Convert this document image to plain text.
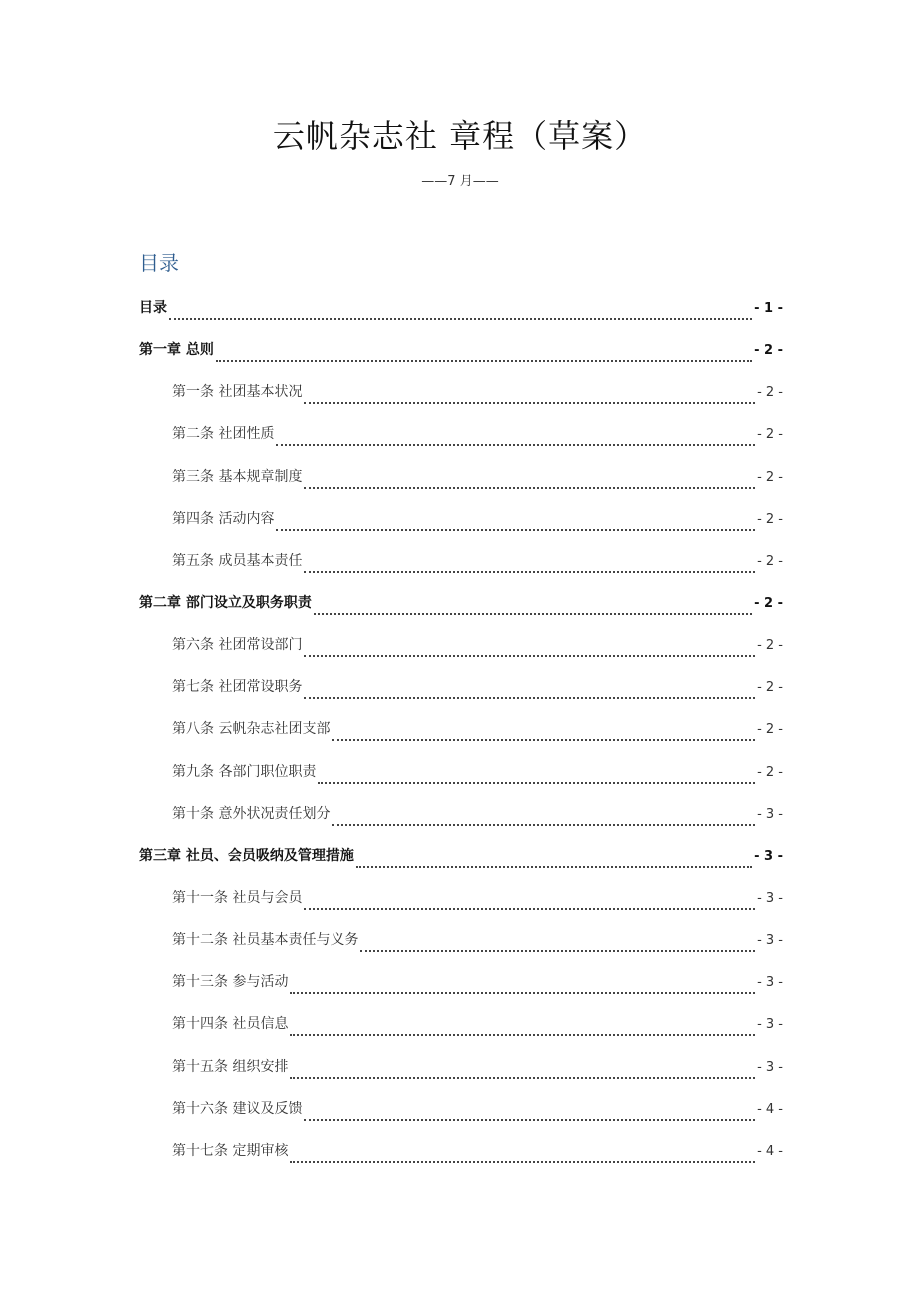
云帆杂志社 章程（草案）
——7 月——
目录
目录	- 1 -
第一章 总则	- 2 -
第一条 社团基本状况	- 2 -
第二条 社团性质	- 2 -
第三条 基本规章制度	- 2 -
第四条 活动内容	- 2 -
第五条 成员基本责任	- 2 -
第二章 部门设立及职务职责	- 2 -
第六条 社团常设部门	- 2 -
第七条 社团常设职务	- 2 -
第八条 云帆杂志社团支部	- 2 -
第九条 各部门职位职责	- 2 -
第十条 意外状况责任划分	- 3 -
第三章 社员、会员吸纳及管理措施	- 3 -
第十一条 社员与会员	- 3 -
第十二条 社员基本责任与义务	- 3 -
第十三条 参与活动	- 3 -
第十四条 社员信息	- 3 -
第十五条 组织安排	- 3 -
第十六条 建议及反馈	- 4 -
第十七条 定期审核	- 4 -
